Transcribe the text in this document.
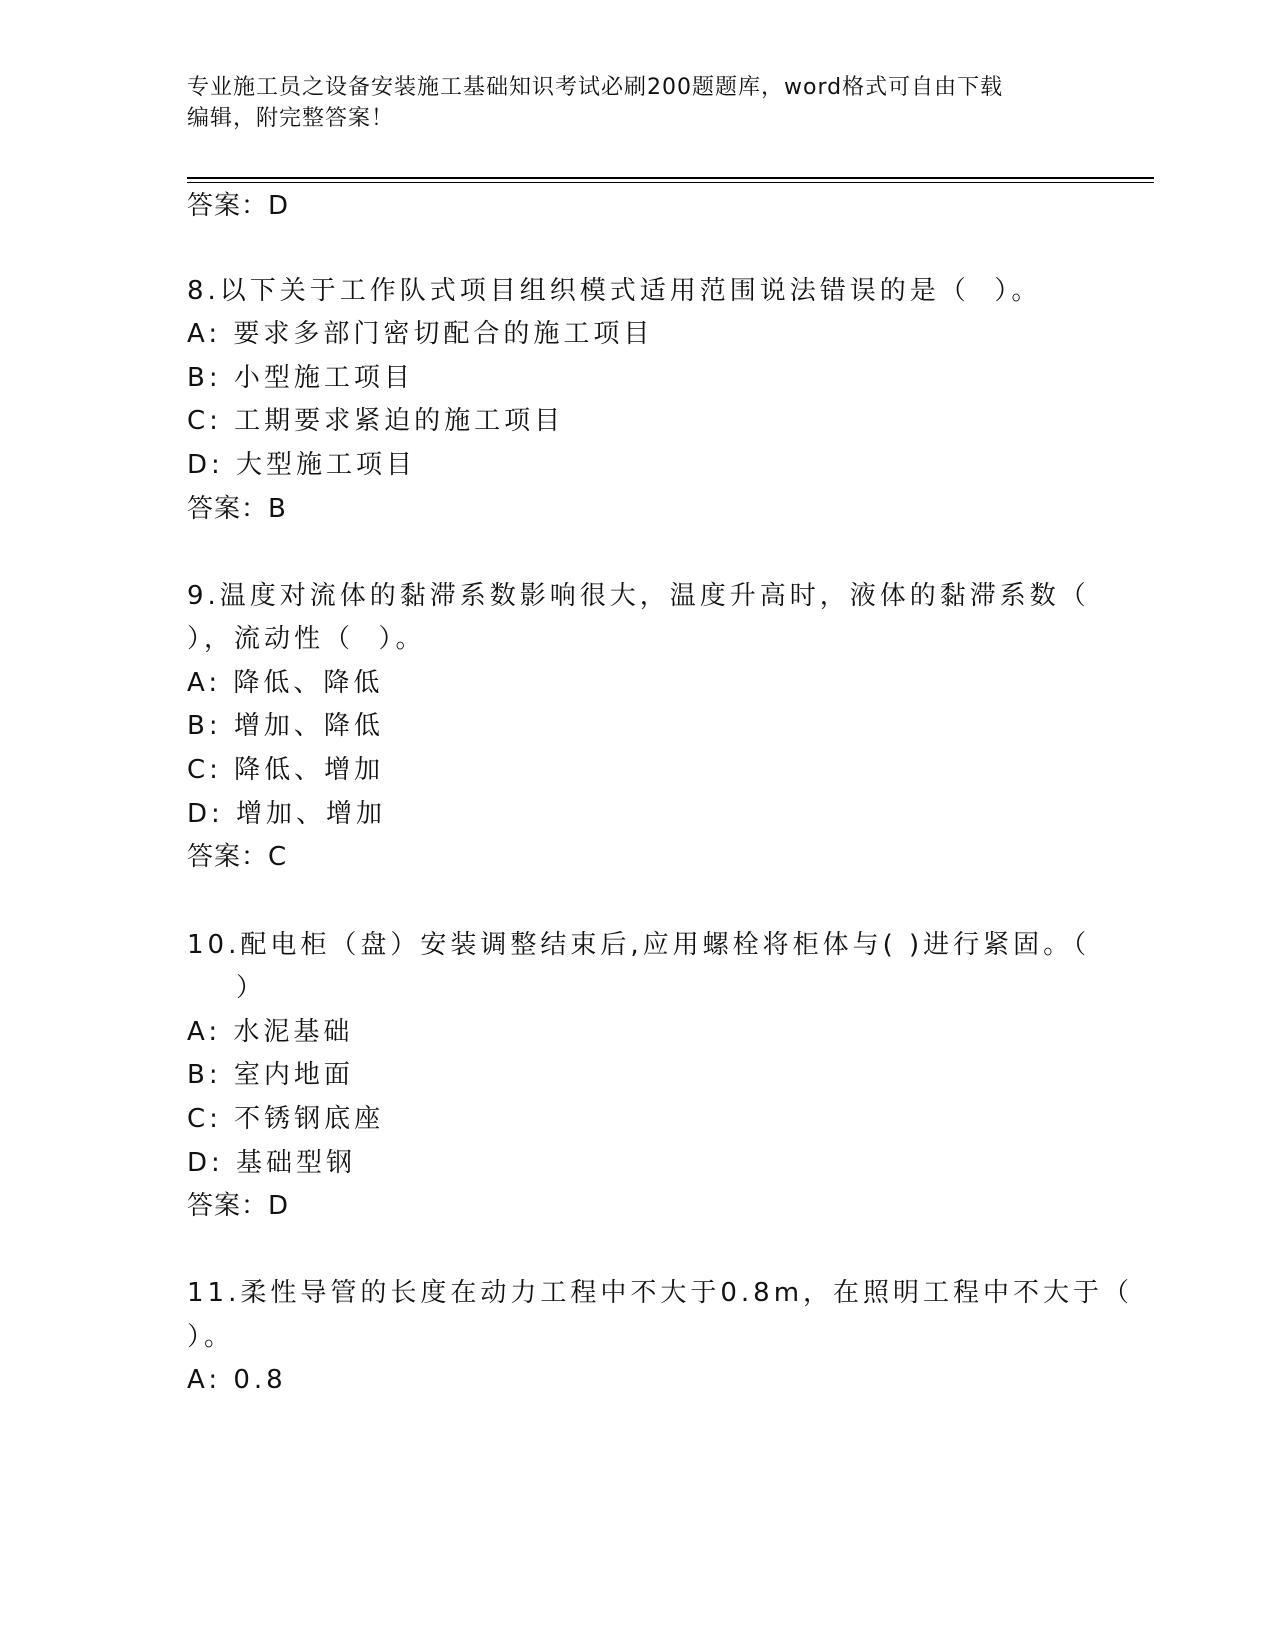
专业施工员之设备安装施工基础知识考试必刷200题题库，word格式可自由下载
编辑，附完整答案！
答案：D
8.以下关于工作队式项目组织模式适用范围说法错误的是（  ）。
A: 要求多部门密切配合的施工项目
B: 小型施工项目
C: 工期要求紧迫的施工项目
D: 大型施工项目
答案：B
9.温度对流体的黏滞系数影响很大，温度升高时，液体的黏滞系数（
），流动性（  ）。
A: 降低、降低
B: 增加、降低
C: 降低、增加
D: 增加、增加
答案：C
10.配电柜（盘）安装调整结束后,应用螺栓将柜体与( )进行紧固。（
）
A: 水泥基础
B: 室内地面
C: 不锈钢底座
D: 基础型钢
答案：D
11.柔性导管的长度在动力工程中不大于0.8m，在照明工程中不大于（
）。
A: 0.8
